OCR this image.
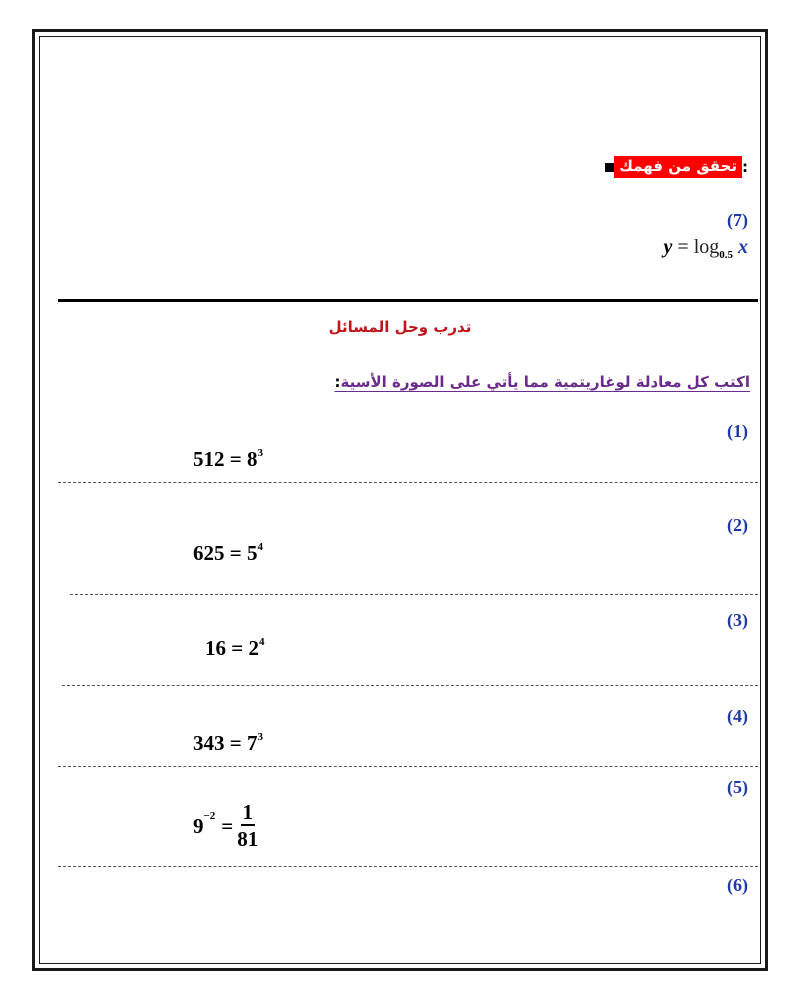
تحقق من فهمك :
(7)
$y = \log_{0.5} x$
تدرب وحل المسائل
اكتب كل معادلة لوغاريتمية مما يأتي على الصورة الأسية:
(1)
$512 = 8^3$
(2)
$625 = 5^4$
(3)
$16 = 2^4$
(4)
$343 = 7^3$
(5)
$9^{-2} = \frac{1}{81}$
(6)
